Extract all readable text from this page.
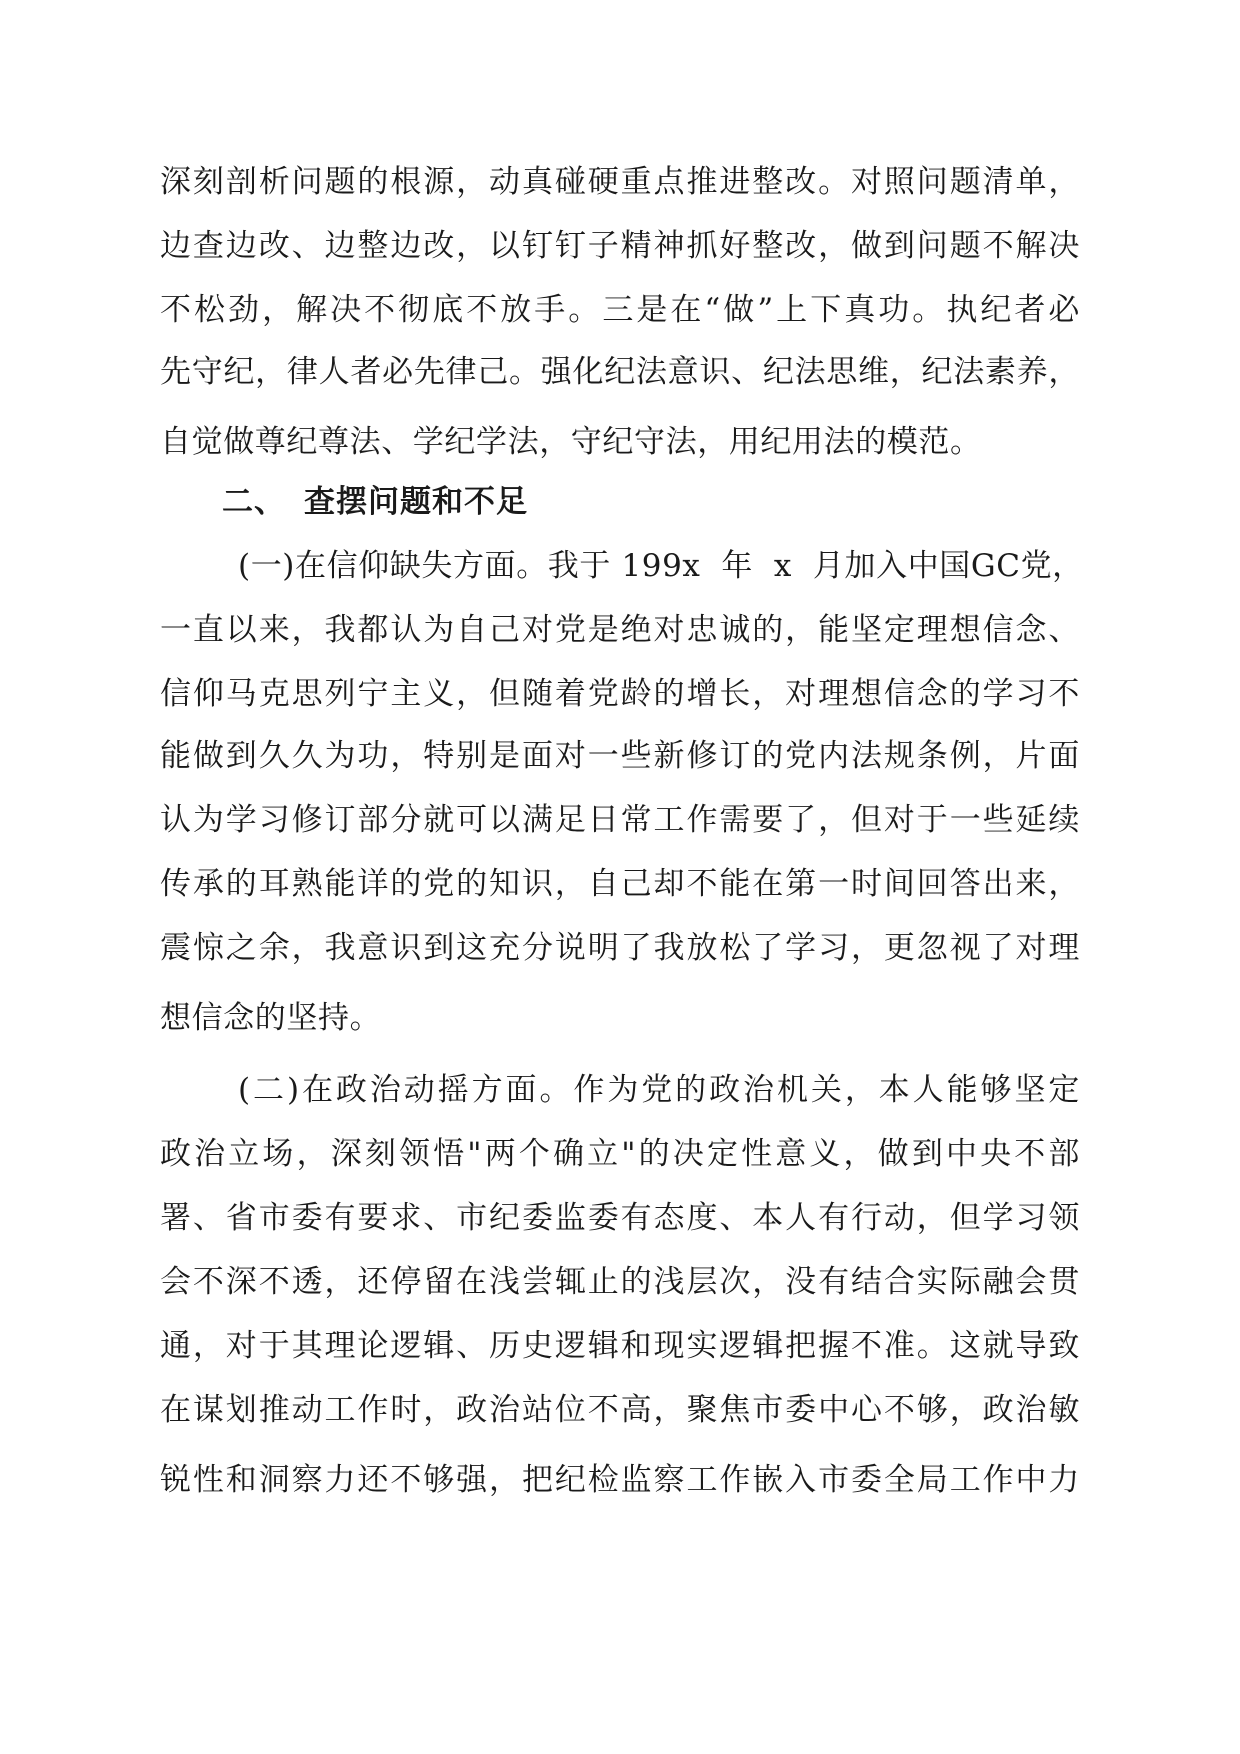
深刻剖析问题的根源，动真碰硬重点推进整改。对照问题清单，
边查边改、边整边改，以钉钉子精神抓好整改，做到问题不解决
不松劲，解决不彻底不放手。三是在“做”上下真功。执纪者必
先守纪，律人者必先律己。强化纪法意识、纪法思维，纪法素养，
自觉做尊纪尊法、学纪学法，守纪守法，用纪用法的模范。
二、 查摆问题和不足
(一)在信仰缺失方面。我于 199x  年  x  月加入中国GC党，
一直以来，我都认为自己对党是绝对忠诚的，能坚定理想信念、
信仰马克思列宁主义，但随着党龄的增长，对理想信念的学习不
能做到久久为功，特别是面对一些新修订的党内法规条例，片面
认为学习修订部分就可以满足日常工作需要了，但对于一些延续
传承的耳熟能详的党的知识，自己却不能在第一时间回答出来，
震惊之余，我意识到这充分说明了我放松了学习，更忽视了对理
想信念的坚持。
(二)在政治动摇方面。作为党的政治机关，本人能够坚定
政治立场，深刻领悟"两个确立"的决定性意义，做到中央不部
署、省市委有要求、市纪委监委有态度、本人有行动，但学习领
会不深不透，还停留在浅尝辄止的浅层次，没有结合实际融会贯
通，对于其理论逻辑、历史逻辑和现实逻辑把握不准。这就导致
在谋划推动工作时，政治站位不高，聚焦市委中心不够，政治敏
锐性和洞察力还不够强，把纪检监察工作嵌入市委全局工作中力
